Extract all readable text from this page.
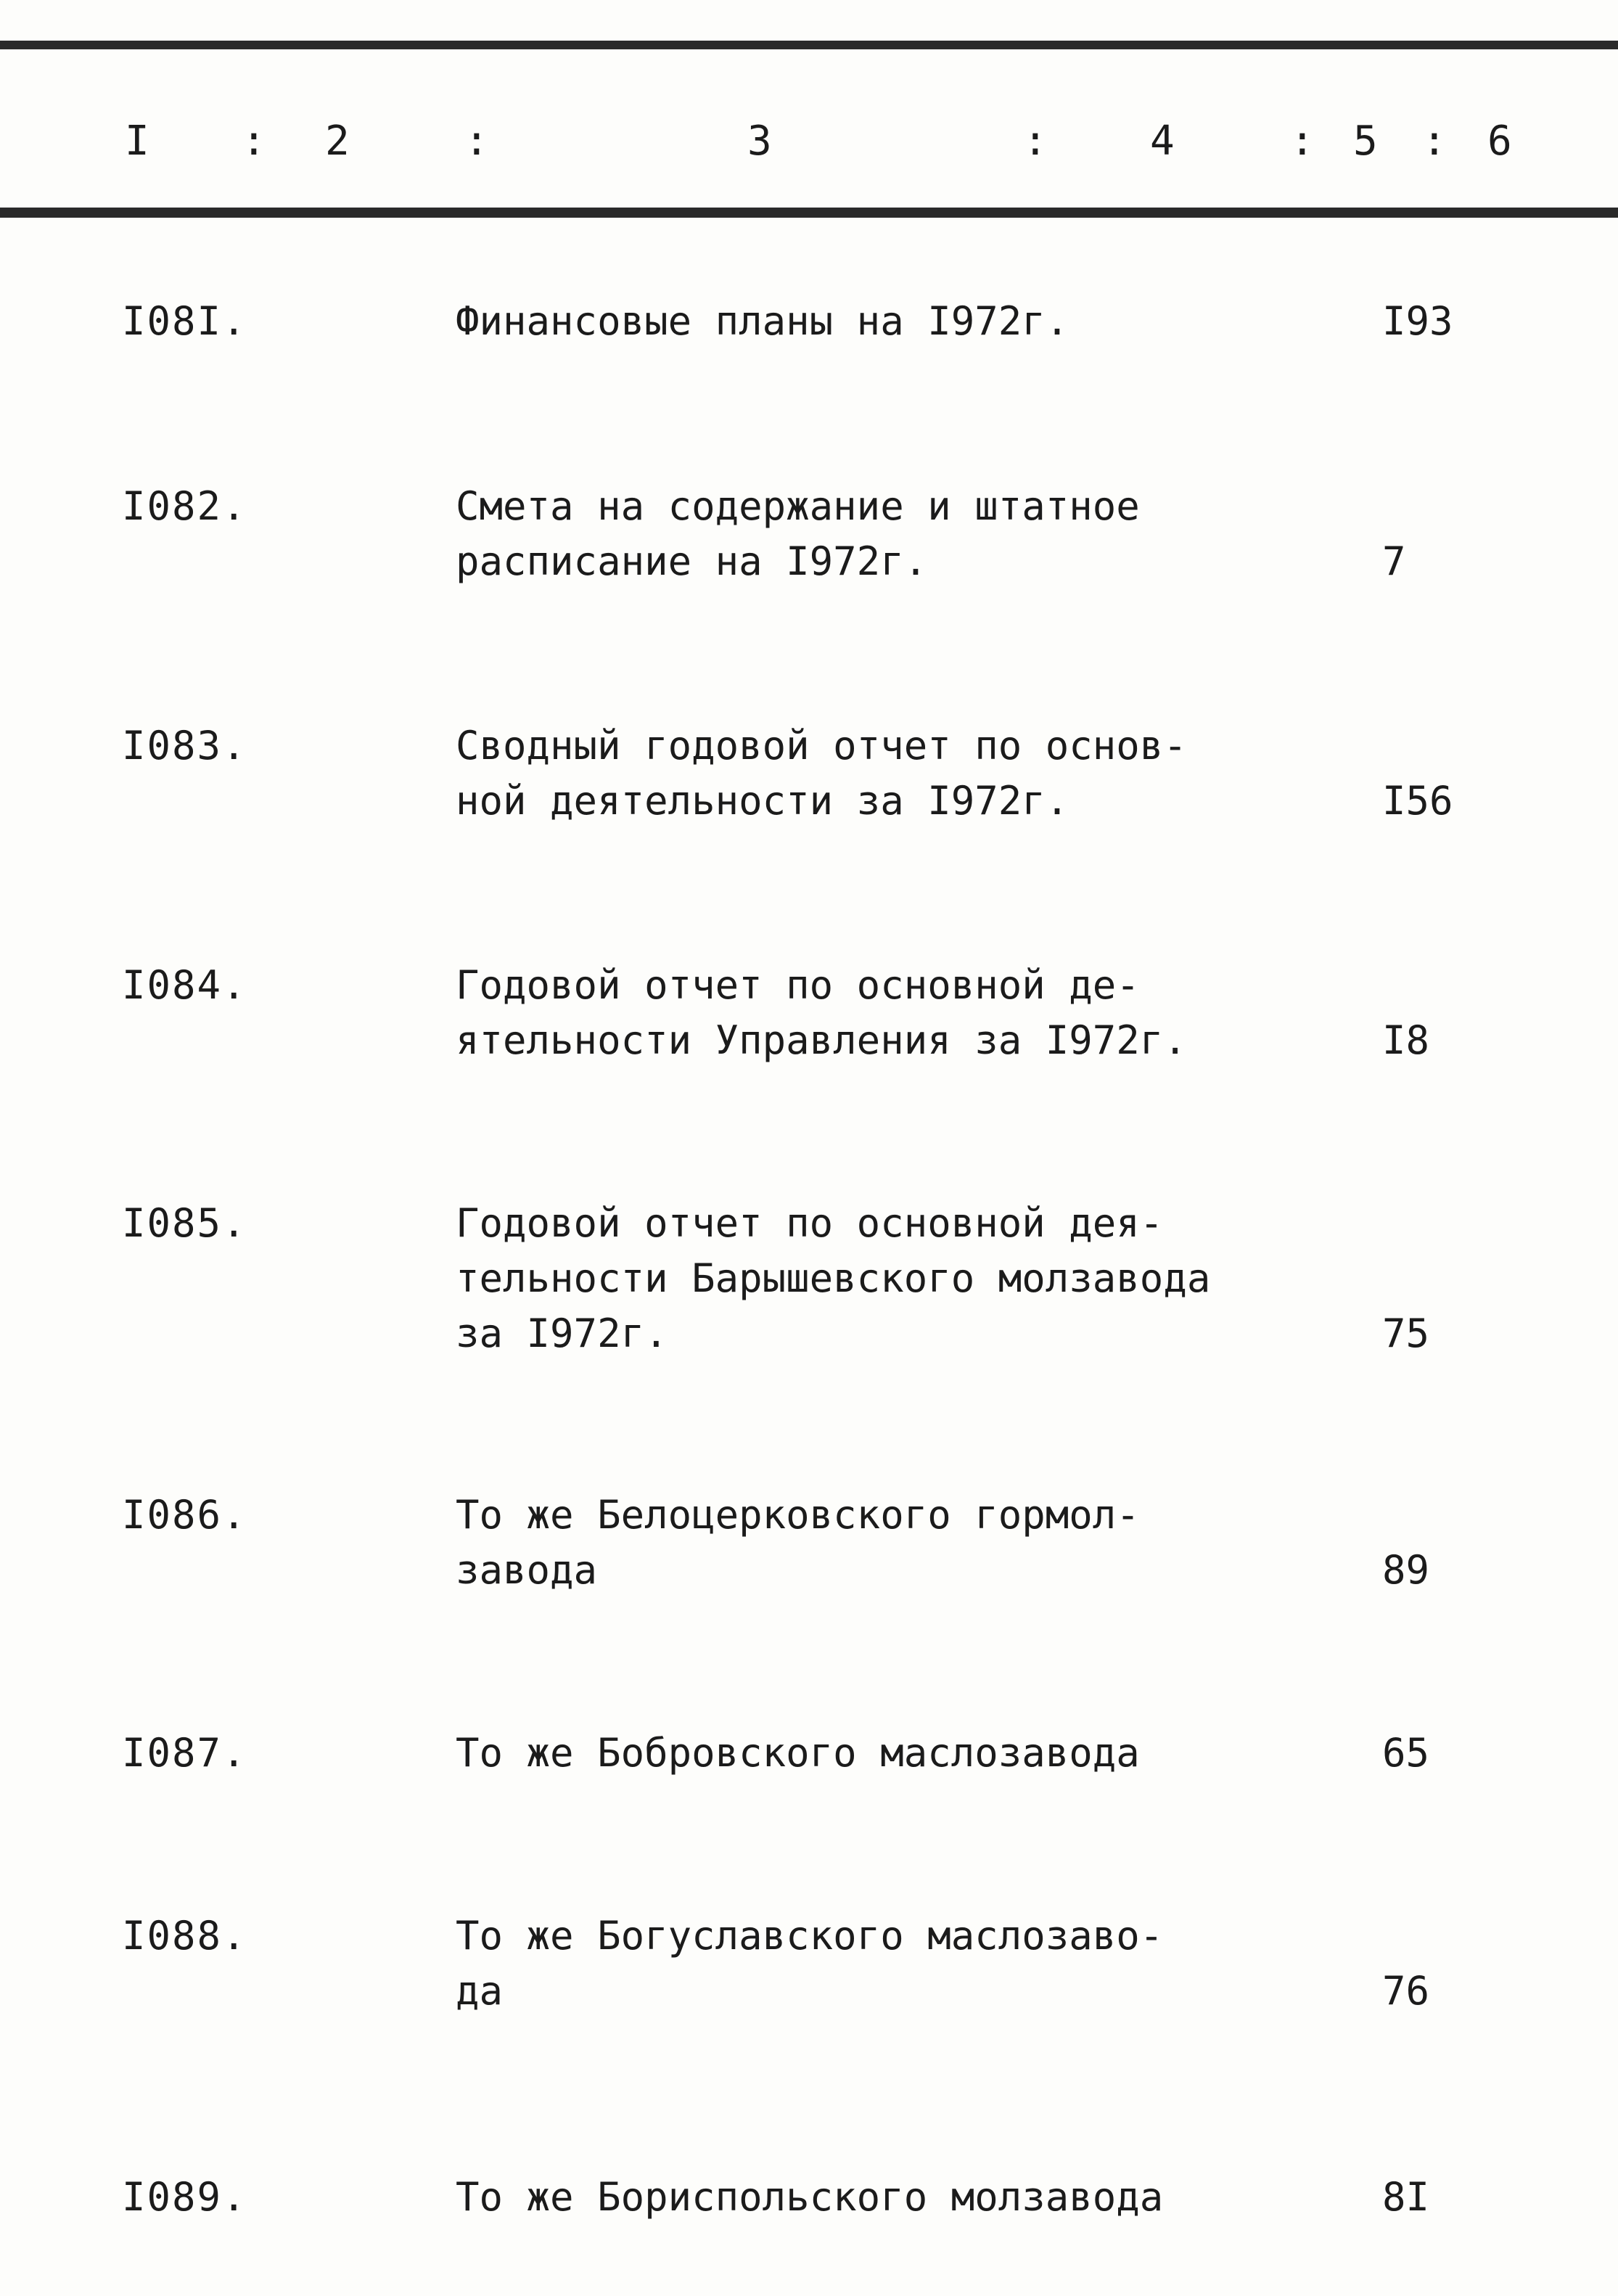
I : 2	:	3	:	4	: 5 : 6
I08I.	Финансовые планы на I972г.	I93
I082.	Смета на содержание и штатное
расписание на I972г.	7
I083.	Сводный годовой отчет по основ-
ной деятельности за I972г.	I56
I084.	Годовой отчет по основной де-
ятельности Управления за I972г.	I8
I085.	Годовой отчет по основной дея-
тельности Барышевского молзавода
за I972г.	75
I086.	То же Белоцерковского гормол-
завода	89
I087.	То же Бобровского маслозавода	65
I088.	То же Богуславского маслозаво-
да	76
I089.	То же Бориспольского молзавода	8I
